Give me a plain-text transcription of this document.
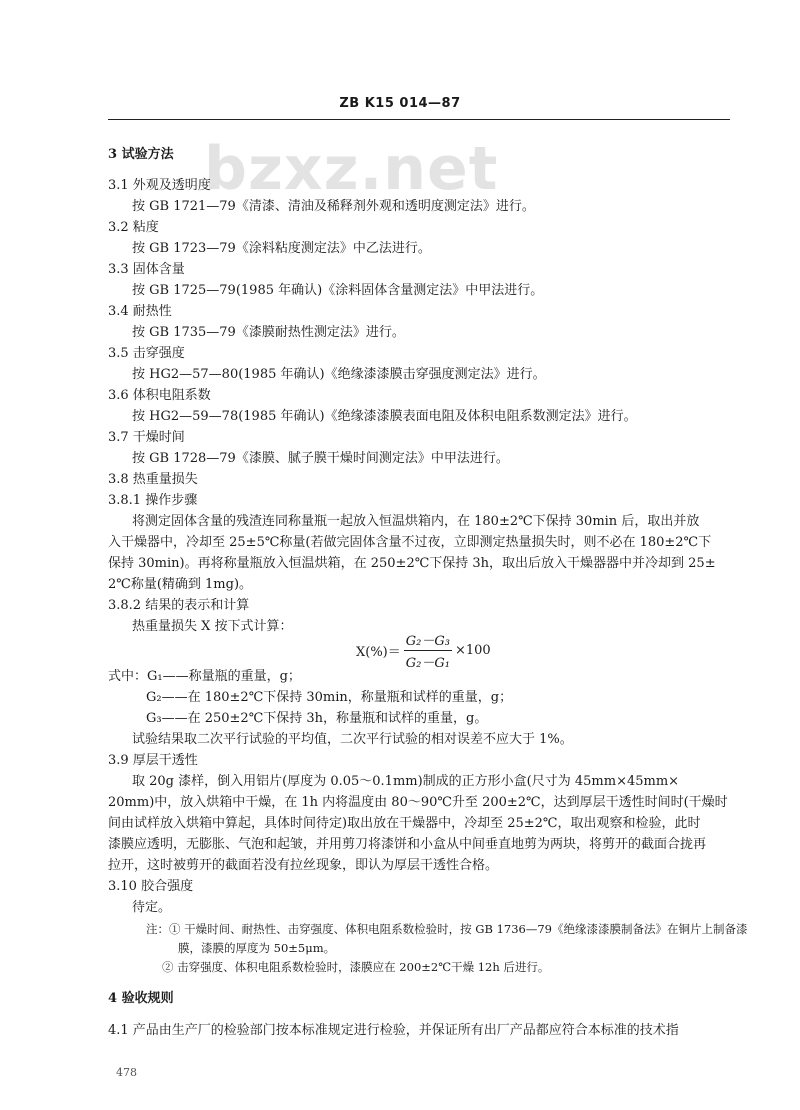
ZB K15 014—87
bzxz.net
3 试验方法
3.1 外观及透明度
按 GB 1721—79《清漆、清油及稀释剂外观和透明度测定法》进行。
3.2 粘度
按 GB 1723—79《涂料粘度测定法》中乙法进行。
3.3 固体含量
按 GB 1725—79(1985 年确认)《涂料固体含量测定法》中甲法进行。
3.4 耐热性
按 GB 1735—79《漆膜耐热性测定法》进行。
3.5 击穿强度
按 HG2—57—80(1985 年确认)《绝缘漆漆膜击穿强度测定法》进行。
3.6 体积电阻系数
按 HG2—59—78(1985 年确认)《绝缘漆漆膜表面电阻及体积电阻系数测定法》进行。
3.7 干燥时间
按 GB 1728—79《漆膜、腻子膜干燥时间测定法》中甲法进行。
3.8 热重量损失
3.8.1 操作步骤
将测定固体含量的残渣连同称量瓶一起放入恒温烘箱内，在 180±2℃下保持 30min 后，取出并放
入干燥器中，冷却至 25±5℃称量(若做完固体含量不过夜，立即测定热量损失时，则不必在 180±2℃下
保持 30min)。再将称量瓶放入恒温烘箱，在 250±2℃下保持 3h，取出后放入干燥器器中并冷却到 25±
2℃称量(精确到 1mg)。
3.8.2 结果的表示和计算
热重量损失 X 按下式计算：
$X(\%)= \frac{\text{G₂－G₃}}{\text{G₂－G₁}} \times 100$
式中：G₁——称量瓶的重量，g；
G₂——在 180±2℃下保持 30min，称量瓶和试样的重量，g；
G₃——在 250±2℃下保持 3h，称量瓶和试样的重量，g。
试验结果取二次平行试验的平均值，二次平行试验的相对误差不应大于 1%。
3.9 厚层干透性
取 20g 漆样，倒入用铝片(厚度为 0.05～0.1mm)制成的正方形小盒(尺寸为 45mm×45mm×
20mm)中，放入烘箱中干燥，在 1h 内将温度由 80～90℃升至 200±2℃，达到厚层干透性时间时(干燥时
间由试样放入烘箱中算起，具体时间待定)取出放在干燥器中，冷却至 25±2℃，取出观察和检验，此时
漆膜应透明，无膨胀、气泡和起皱，并用剪刀将漆饼和小盒从中间垂直地剪为两块，将剪开的截面合拢再
拉开，这时被剪开的截面若没有拉丝现象，即认为厚层干透性合格。
3.10 胶合强度
待定。
注：① 干燥时间、耐热性、击穿强度、体积电阻系数检验时，按 GB 1736—79《绝缘漆漆膜制备法》在铜片上制备漆
膜，漆膜的厚度为 50±5μm。
② 击穿强度、体积电阻系数检验时，漆膜应在 200±2℃干燥 12h 后进行。
4 验收规则
4.1 产品由生产厂的检验部门按本标准规定进行检验，并保证所有出厂产品都应符合本标准的技术指
478
